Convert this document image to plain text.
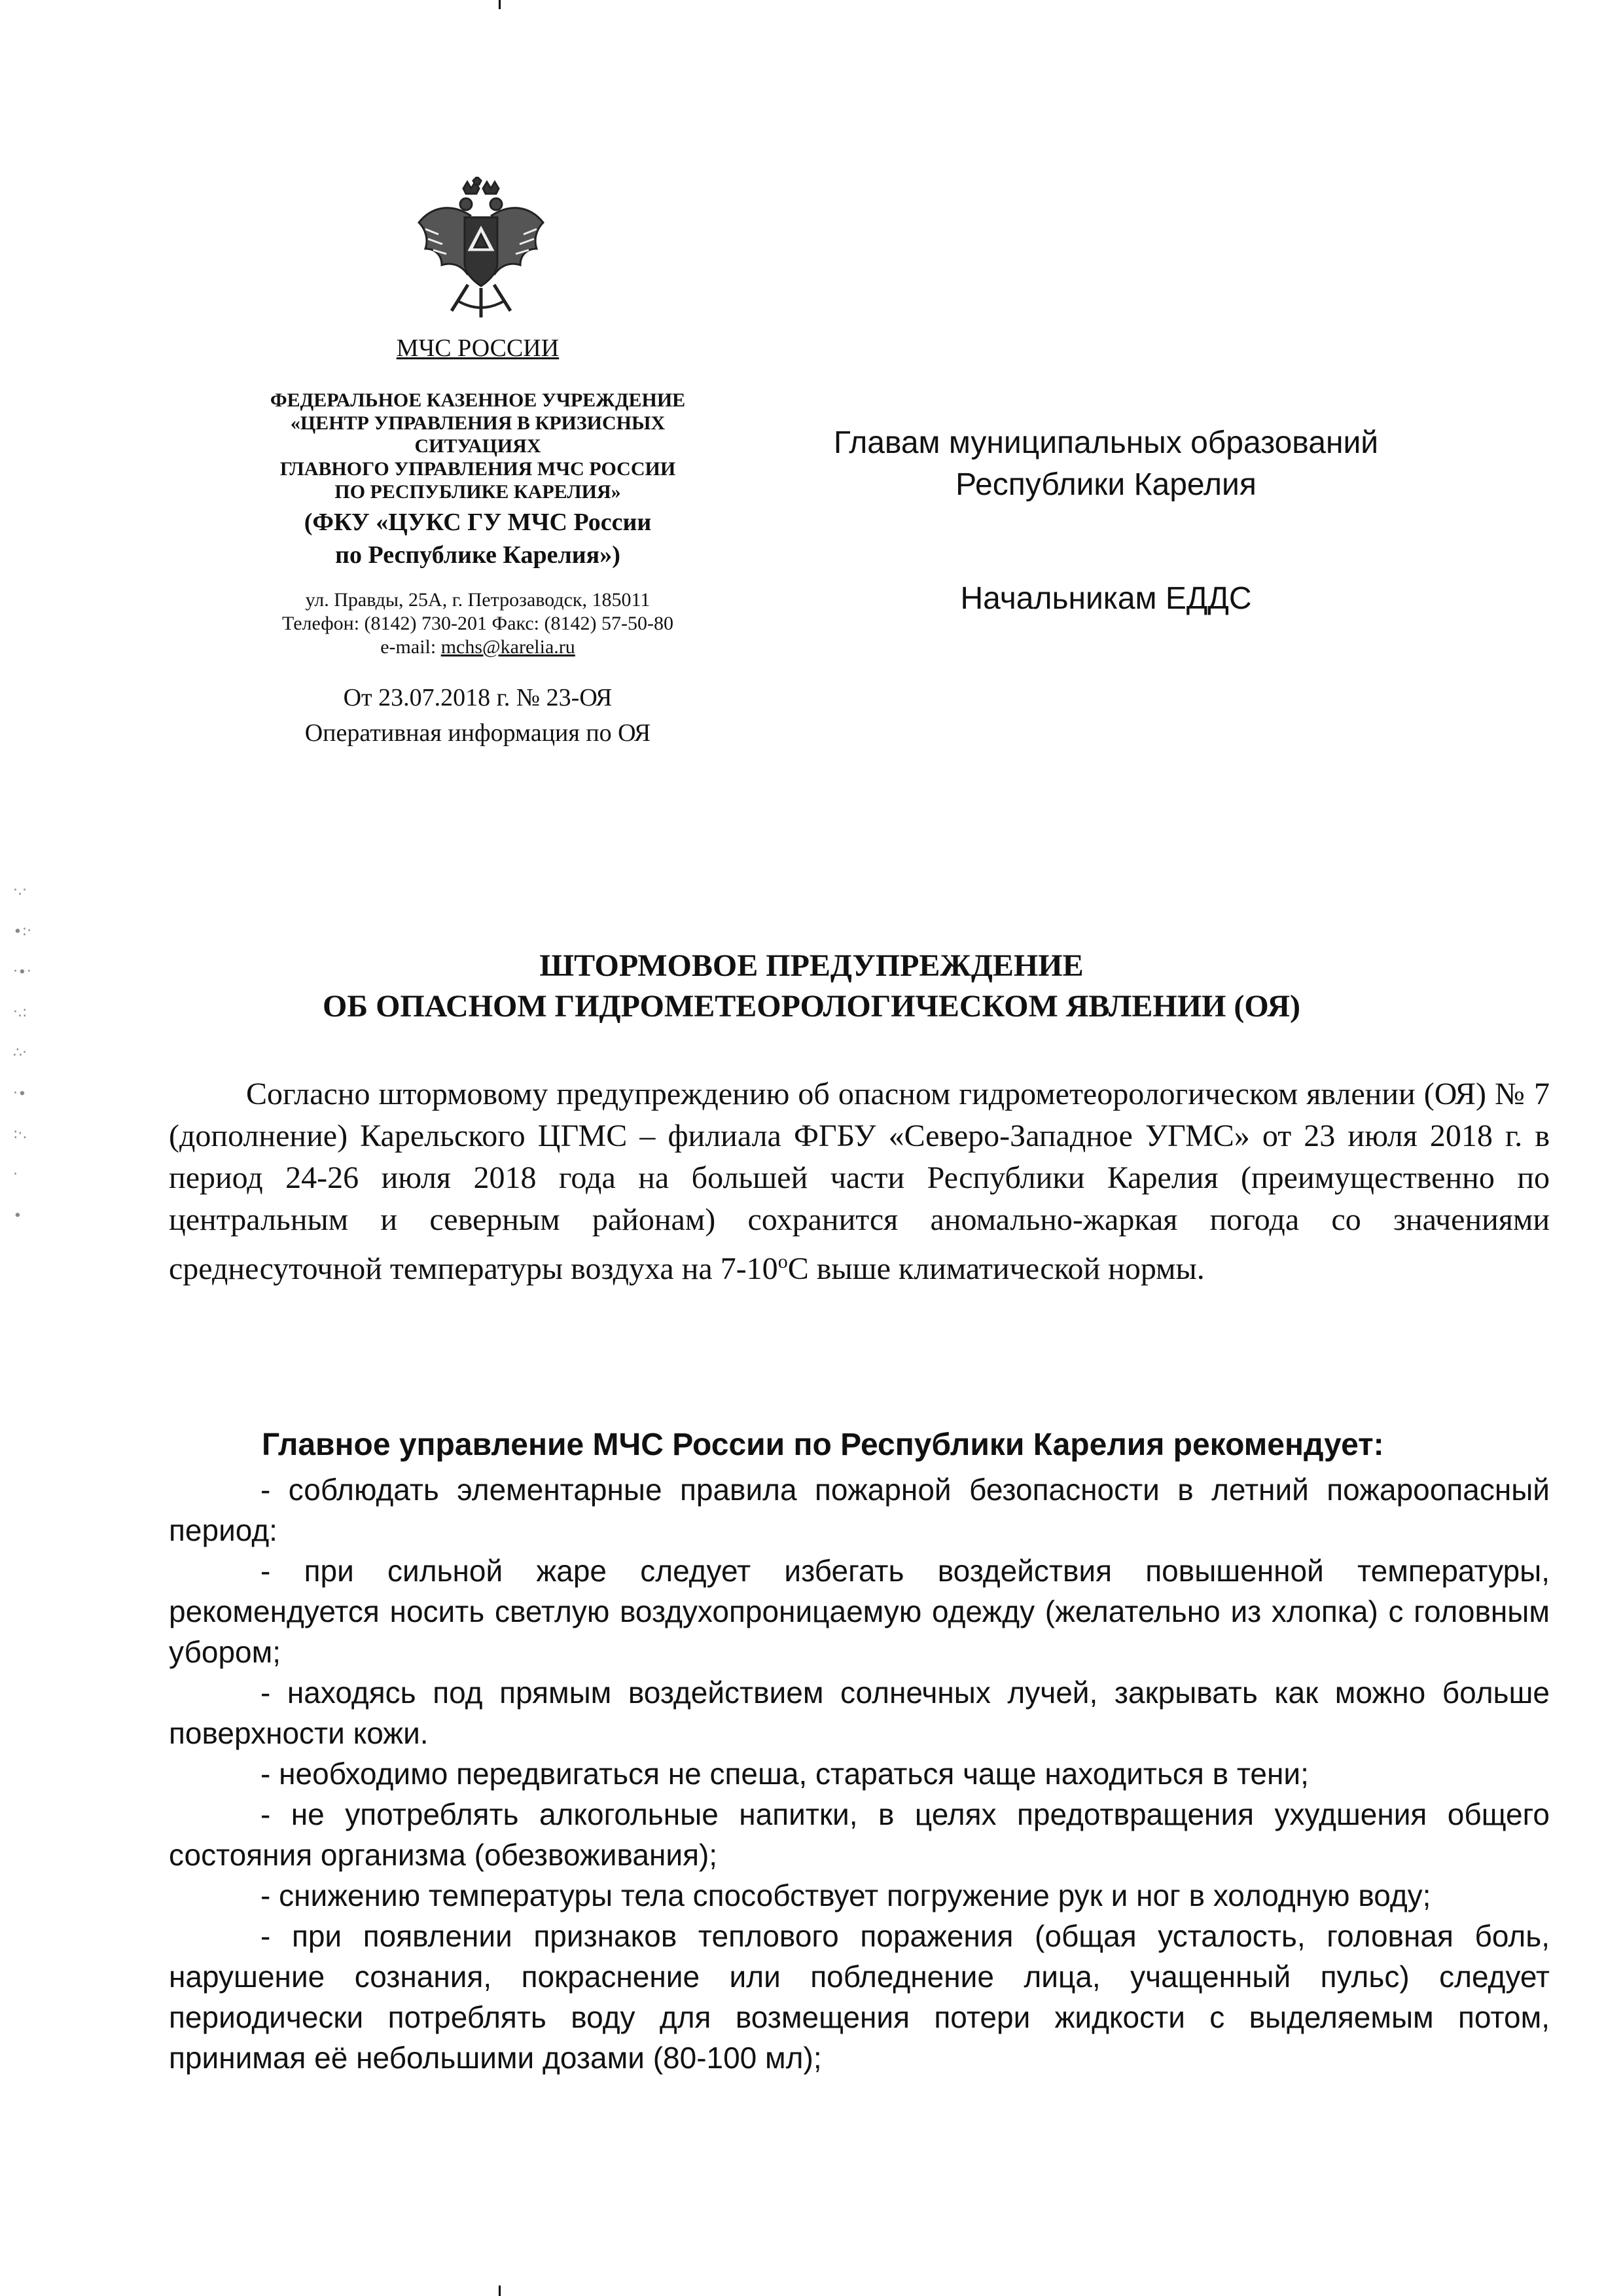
·.·
∙:·
·∙·
·.:
∴·
·∙
:·.
·
∙
МЧС РОССИИ
ФЕДЕРАЛЬНОЕ КАЗЕННОЕ УЧРЕЖДЕНИЕ
«ЦЕНТР УПРАВЛЕНИЯ В КРИЗИСНЫХ
СИТУАЦИЯХ
ГЛАВНОГО УПРАВЛЕНИЯ МЧС РОССИИ
ПО РЕСПУБЛИКЕ КАРЕЛИЯ»
(ФКУ «ЦУКС ГУ МЧС России
по Республике Карелия»)
ул. Правды, 25А, г. Петрозаводск, 185011
Телефон: (8142) 730-201 Факс: (8142) 57-50-80
e-mail: mchs@karelia.ru
От 23.07.2018 г. № 23-ОЯ
Оперативная информация по ОЯ
Главам муниципальных образований
Республики Карелия
Начальникам ЕДДС
ШТОРМОВОЕ ПРЕДУПРЕЖДЕНИЕ
ОБ ОПАСНОМ ГИДРОМЕТЕОРОЛОГИЧЕСКОМ ЯВЛЕНИИ (ОЯ)
Согласно штормовому предупреждению об опасном гидрометеорологическом явлении (ОЯ) № 7 (дополнение) Карельского ЦГМС – филиала ФГБУ «Северо-Западное УГМС» от 23 июля 2018 г. в период 24-26 июля 2018 года на большей части Республики Карелия (преимущественно по центральным и северным районам) сохранится аномально-жаркая погода со значениями среднесуточной температуры воздуха на $7-10^оС$ выше климатической нормы.
Главное управление МЧС России по Республики Карелия рекомендует:

- соблюдать элементарные правила пожарной безопасности в летний пожароопасный период:

- при сильной жаре следует избегать воздействия повышенной температуры, рекомендуется носить светлую воздухопроницаемую одежду (желательно из хлопка) с головным убором;

- находясь под прямым воздействием солнечных лучей, закрывать как можно больше поверхности кожи.

- необходимо передвигаться не спеша, стараться чаще находиться в тени;

- не употреблять алкогольные напитки, в целях предотвращения ухудшения общего состояния организма (обезвоживания);

- снижению температуры тела способствует погружение рук и ног в холодную воду;

- при появлении признаков теплового поражения (общая усталость, головная боль, нарушение сознания, покраснение или побледнение лица, учащенный пульс) следует периодически потреблять воду для возмещения потери жидкости с выделяемым потом, принимая её небольшими дозами (80-100 мл);
